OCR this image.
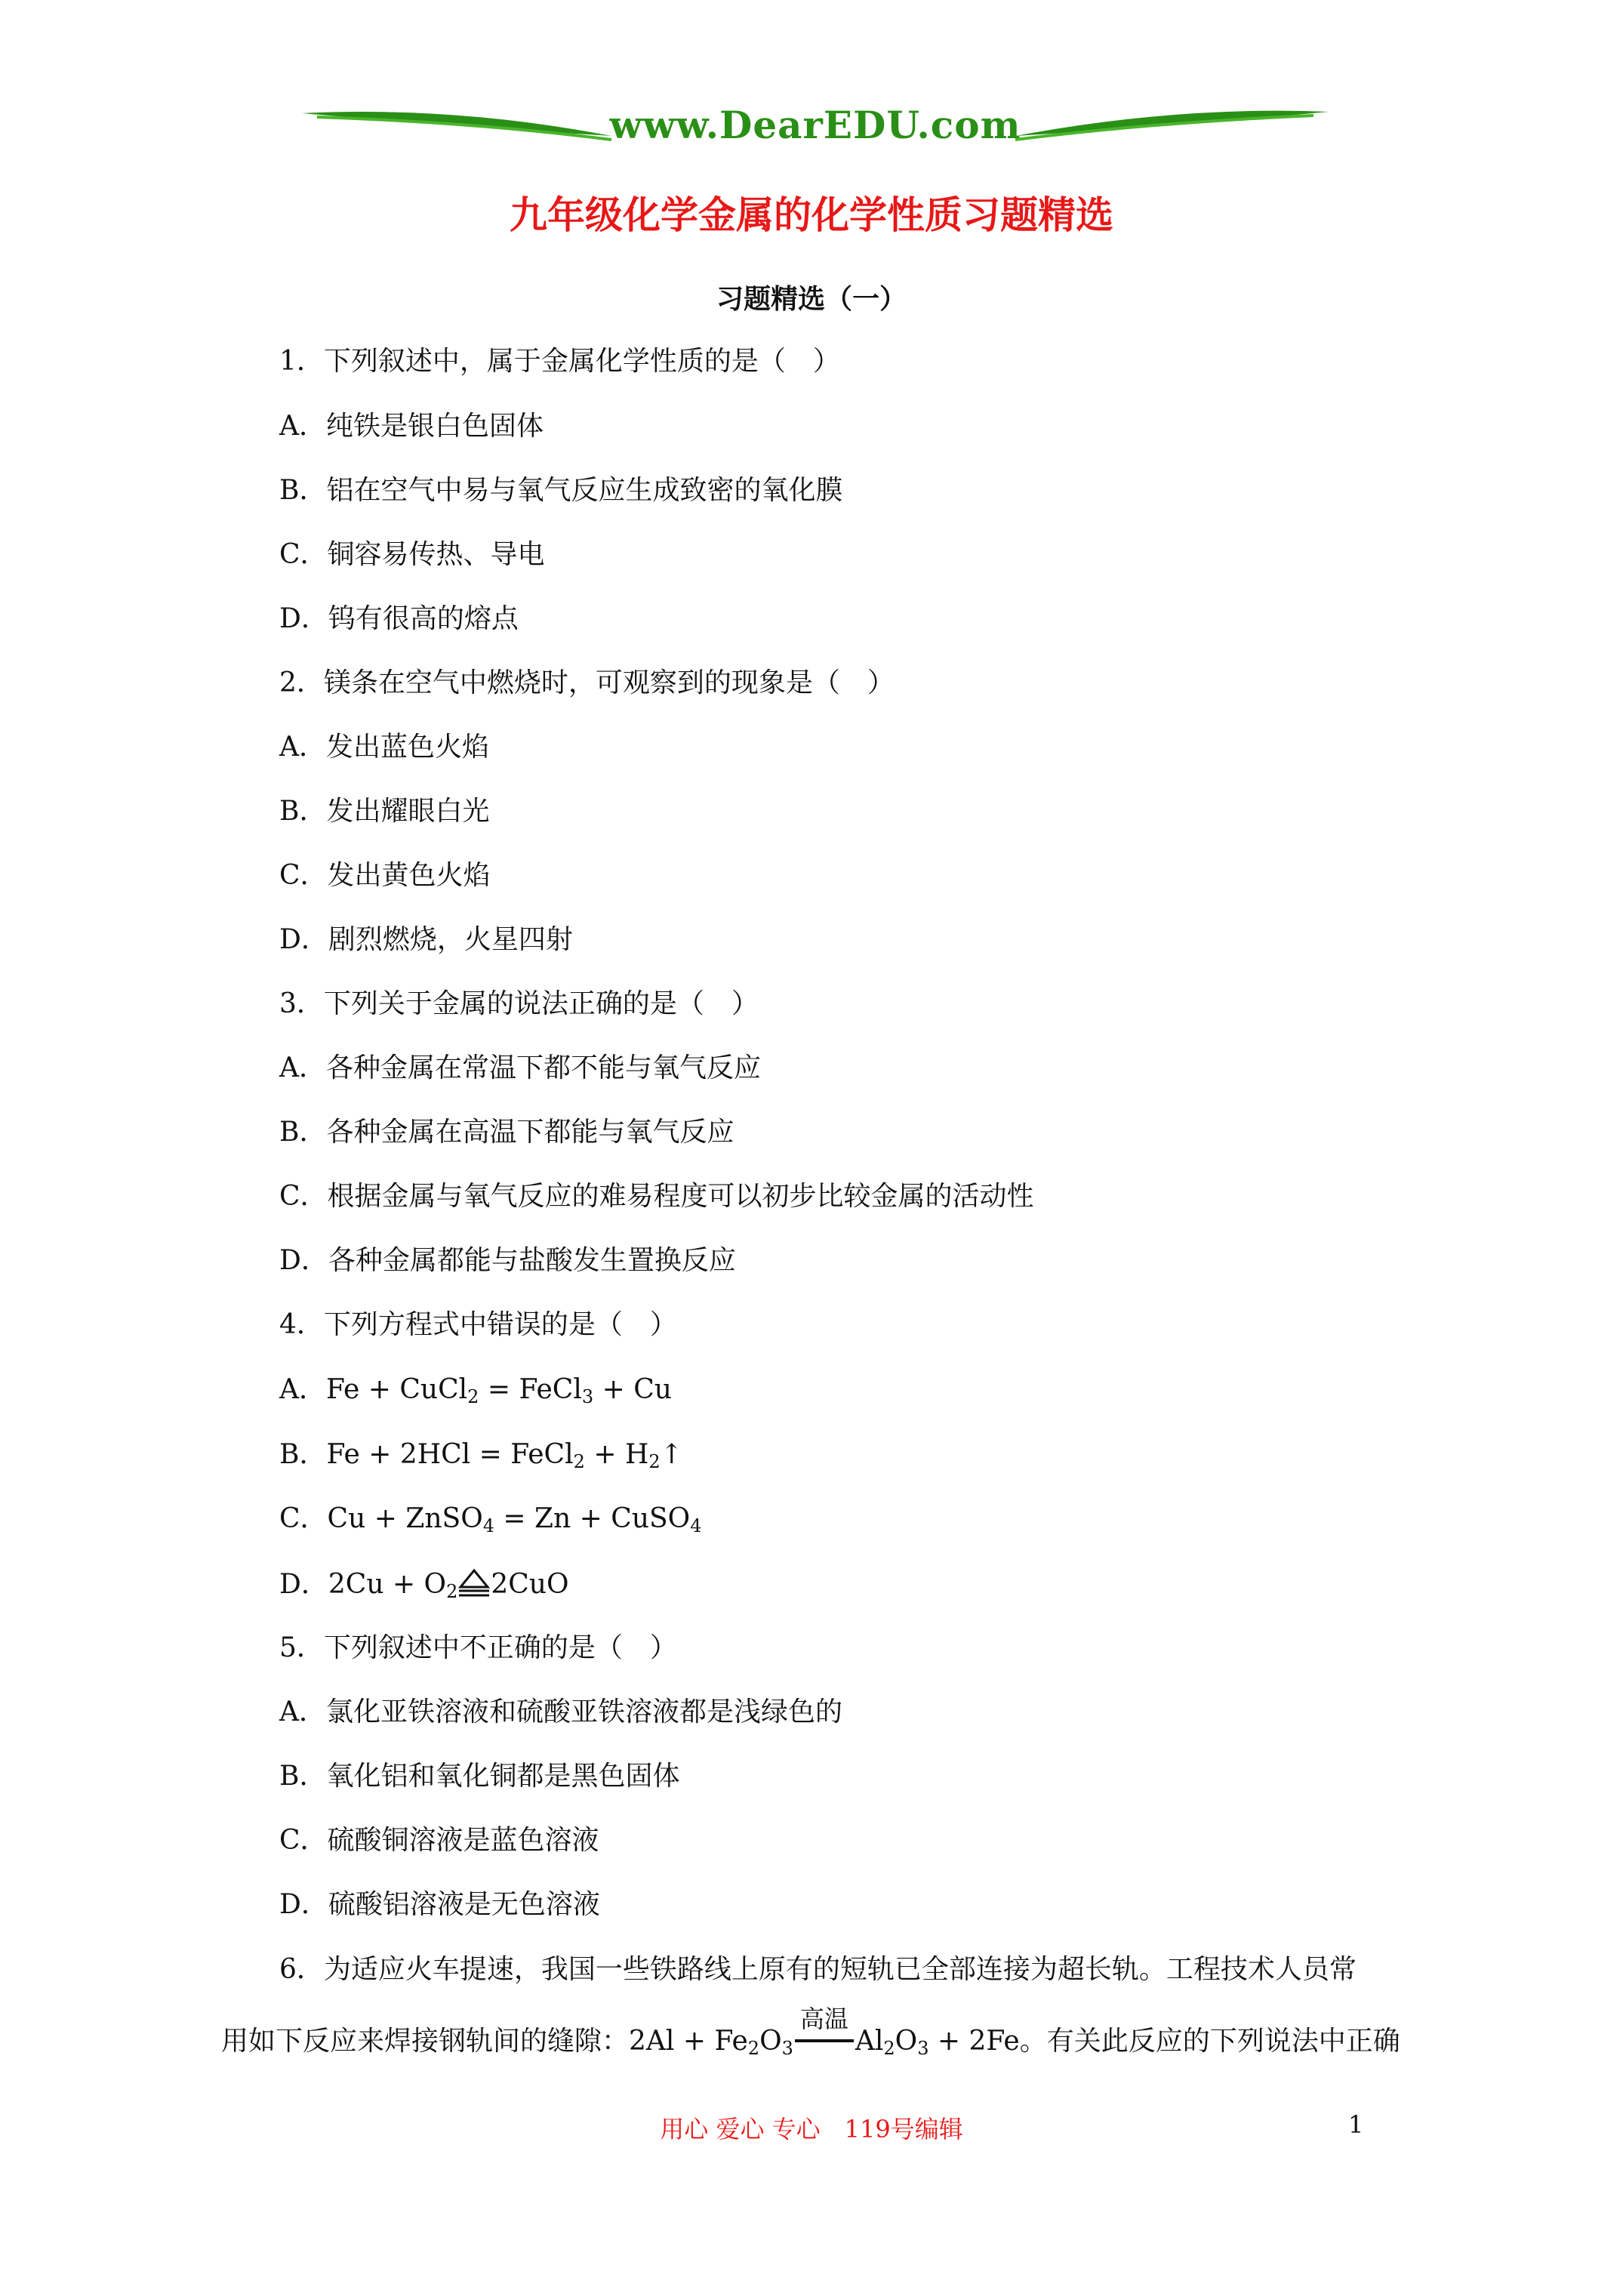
www.DearEDU.com
九年级化学金属的化学性质习题精选
习题精选（一）
1．下列叙述中，属于金属化学性质的是（　）
A．纯铁是银白色固体
B．铝在空气中易与氧气反应生成致密的氧化膜
C．铜容易传热、导电
D．钨有很高的熔点
2．镁条在空气中燃烧时，可观察到的现象是（　）
A．发出蓝色火焰
B．发出耀眼白光
C．发出黄色火焰
D．剧烈燃烧，火星四射
3．下列关于金属的说法正确的是（　）
A．各种金属在常温下都不能与氧气反应
B．各种金属在高温下都能与氧气反应
C．根据金属与氧气反应的难易程度可以初步比较金属的活动性
D．各种金属都能与盐酸发生置换反应
4．下列方程式中错误的是（　）
A．Fe + CuCl$_2$ = FeCl$_3$ + Cu
B．Fe + 2HCl = FeCl$_2$ + $H_2↑$
C．Cu + ZnSO$_4$ = Zn + CuSO$_4$
D．$2Cu + O_2$ 2CuO
5．下列叙述中不正确的是（　）
A．氯化亚铁溶液和硫酸亚铁溶液都是浅绿色的
B．氧化铝和氧化铜都是黑色固体
C．硫酸铜溶液是蓝色溶液
D．硫酸铝溶液是无色溶液
6．为适应火车提速，我国一些铁路线上原有的短轨已全部连接为超长轨。工程技术人员常
用如下反应来焊接钢轨间的缝隙：$2Al + Fe_2O_3$
高温
$Al_2O_3 + 2Fe$。有关此反应的下列说法中正确
用心 爱心 专心　119号编辑	1
